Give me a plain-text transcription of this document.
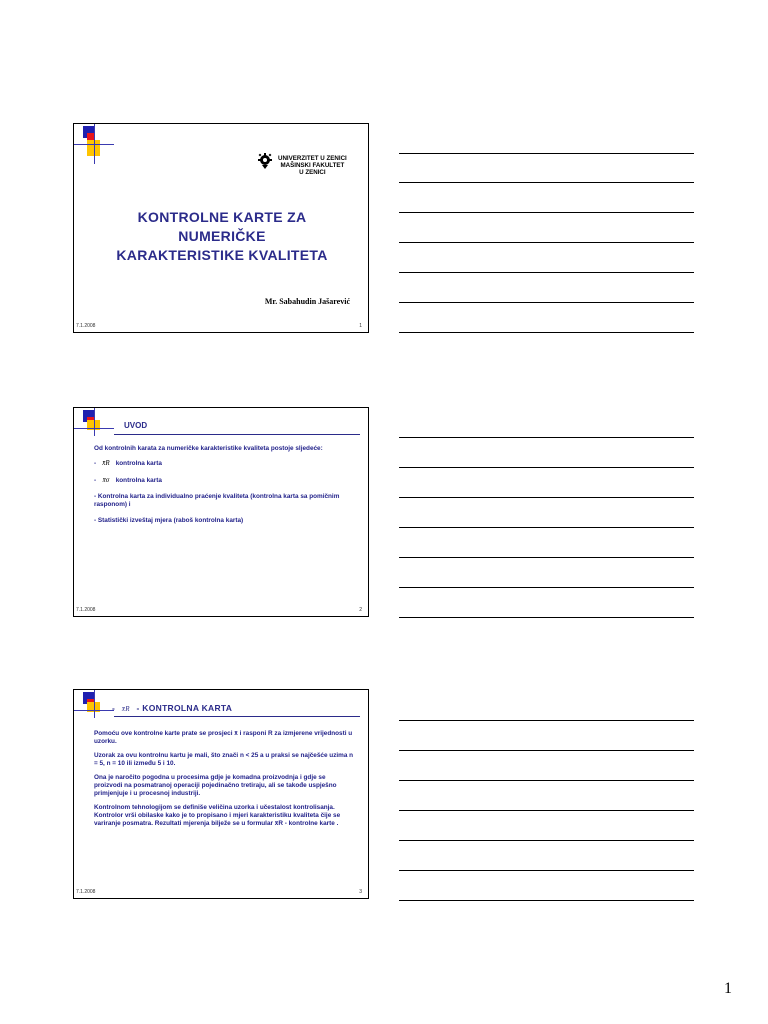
UNIVERZITET U ZENICI
MAŠINSKI FAKULTET
U ZENICI
KONTROLNE KARTE ZA
NUMERIČKE
KARAKTERISTIKE KVALITETA
Mr. Sabahudin Jašarević
7.1.2008	1
UVOD

Od kontrolnih karata za numeričke karakteristike kvaliteta postoje sljedeće:

- x̄R kontrolna karta

- x̄σ kontrolna karta

- Kontrolna karta za individualno praćenje kvaliteta (kontrolna karta sa pomičnim rasponom) i

- Statistički izveštaj mjera (raboš kontrolna karta)

7.1.2008	2
- x̄R - KONTROLNA KARTA

Pomoću ove kontrolne karte prate se prosjeci x̄ i rasponi R za izmjerene vrijednosti u uzorku.

Uzorak za ovu kontrolnu kartu je mali, što znači n < 25 a u praksi se najčešće uzima n = 5, n = 10 ili između 5 i 10.

Ona je naročito pogodna u procesima gdje je komadna proizvodnja i gdje se proizvodi na posmatranoj operaciji pojedinačno tretiraju, ali se takođe uspješno primjenjuje i u procesnoj industriji.

Kontrolnom tehnologijom se definiše veličina uzorka i učestalost kontrolisanja. Kontrolor vrši obilaske kako je to propisano i mjeri karakteristiku kvaliteta čije se variranje posmatra. Rezultati mjerenja bilježe se u formular x̄R - kontrolne karte .

7.1.2008	3
1
